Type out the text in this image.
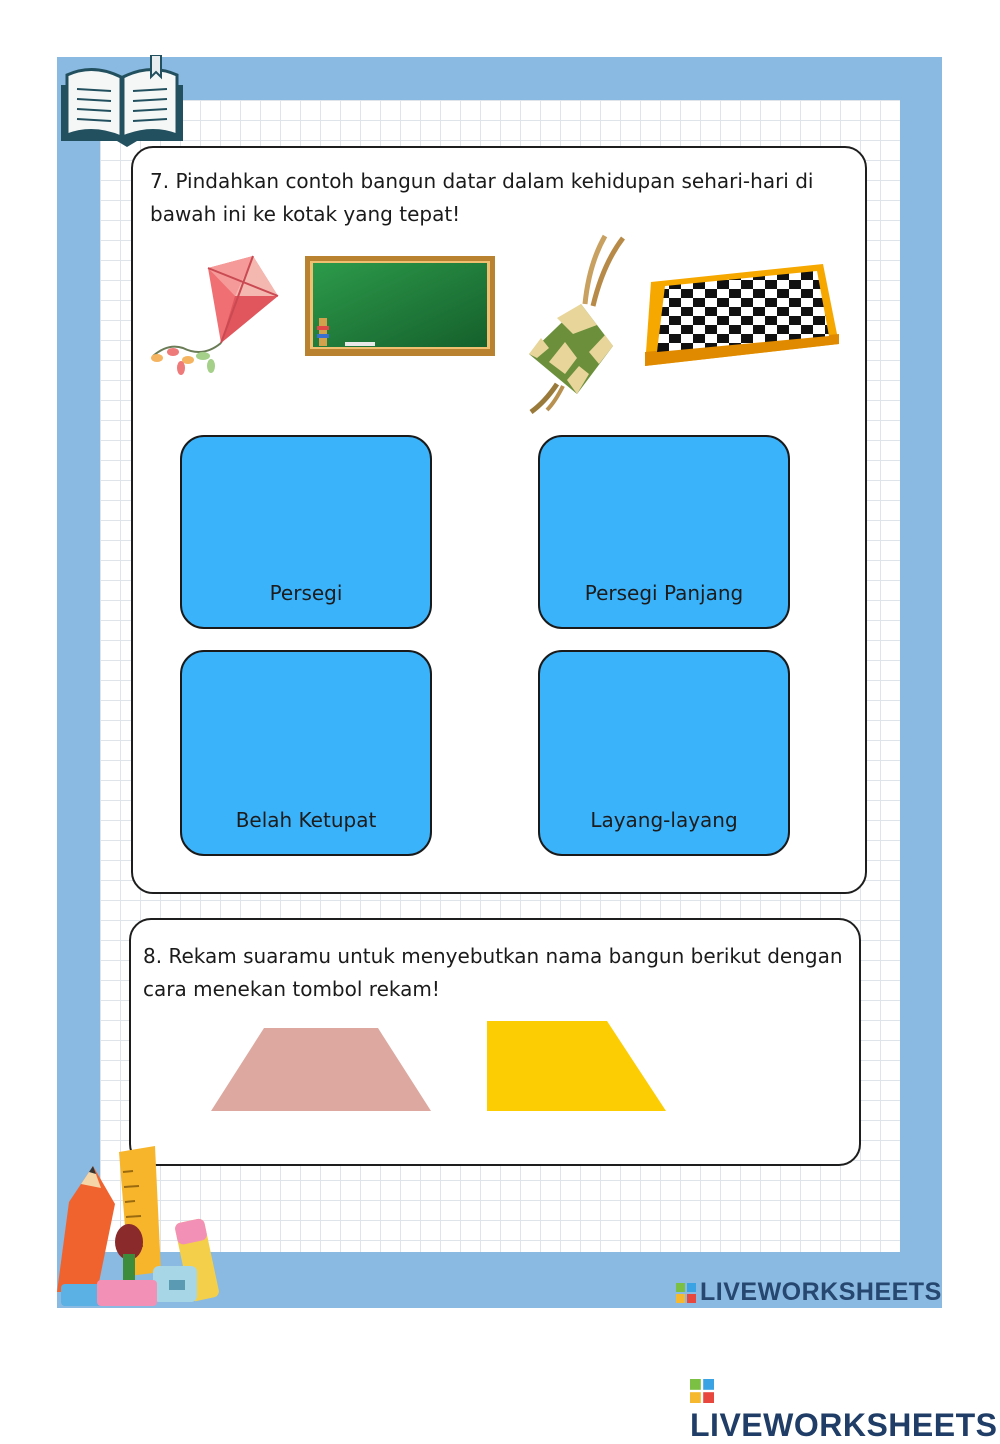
7. Pindahkan contoh bangun datar dalam kehidupan sehari-hari di bawah ini ke kotak yang tepat!

Persegi	Persegi Panjang
Belah Ketupat	Layang-layang

8. Rekam suaramu untuk menyebutkan nama bangun berikut dengan cara menekan tombol rekam!

LIVEWORKSHEETS
LIVEWORKSHEETS
